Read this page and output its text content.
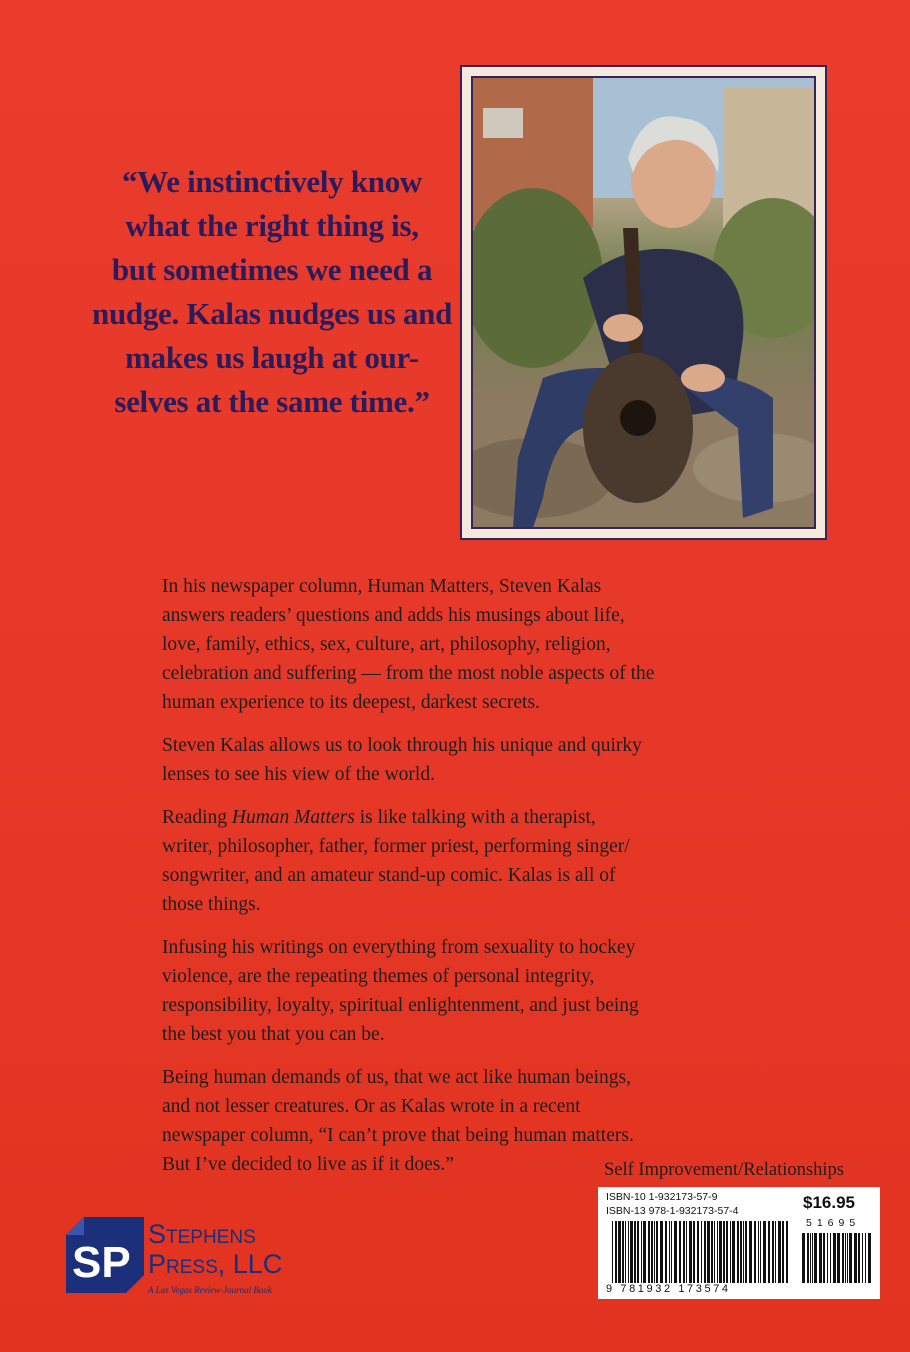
“We instinctively know
what the right thing is,
but sometimes we need a
nudge. Kalas nudges us and
makes us laugh at our-
selves at the same time.”

In his newspaper column, Human Matters, Steven Kalas
answers readers’ questions and adds his musings about life,
love, family, ethics, sex, culture, art, philosophy, religion,
celebration and suffering — from the most noble aspects of the
human experience to its deepest, darkest secrets.

Steven Kalas allows us to look through his unique and quirky
lenses to see his view of the world.

Reading Human Matters is like talking with a therapist,
writer, philosopher, father, former priest, performing singer/
songwriter, and an amateur stand-up comic. Kalas is all of
those things.

Infusing his writings on everything from sexuality to hockey
violence, are the repeating themes of personal integrity,
responsibility, loyalty, spiritual enlightenment, and just being
the best you that you can be.

Being human demands of us, that we act like human beings,
and not lesser creatures. Or as Kalas wrote in a recent
newspaper column, “I can’t prove that being human matters.
But I’ve decided to live as if it does.”	Self Improvement/Relationships
ISBN-10 1-932173-57-9
ISBN-13 978-1-932173-57-4	$16.95
51695
9 781932 173574
SP
Stephens
Press, LLC
A Las Vegas Review-Journal Book
